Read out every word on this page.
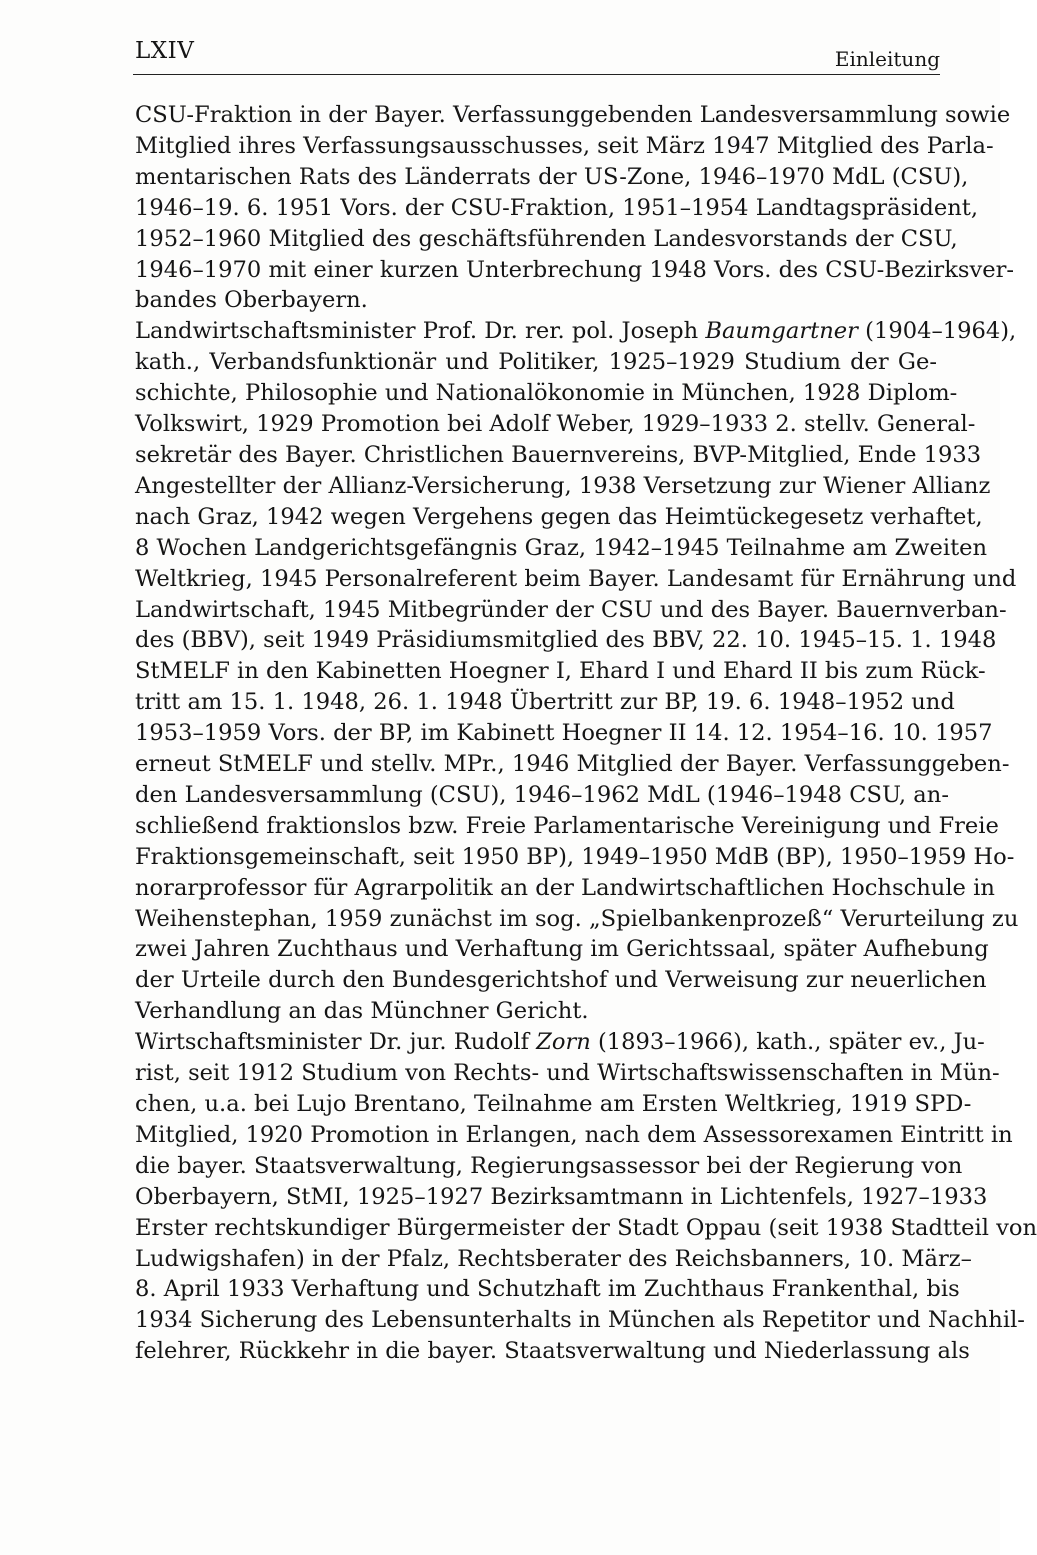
LXIV	Einleitung
CSU-Fraktion in der Bayer. Verfassunggebenden Landesversammlung sowie
Mitglied ihres Verfassungsausschusses, seit März 1947 Mitglied des Parla-
mentarischen Rats des Länderrats der US-Zone, 1946–1970 MdL (CSU),
1946–19. 6. 1951 Vors. der CSU-Fraktion, 1951–1954 Landtagspräsident,
1952–1960 Mitglied des geschäftsführenden Landesvorstands der CSU,
1946–1970 mit einer kurzen Unterbrechung 1948 Vors. des CSU-Bezirksver-
bandes Oberbayern.
Landwirtschaftsminister Prof. Dr. rer. pol. Joseph Baumgartner (1904–1964),
kath., Verbandsfunktionär und Politiker, 1925–1929 Studium der Ge-
schichte, Philosophie und Nationalökonomie in München, 1928 Diplom-
Volkswirt, 1929 Promotion bei Adolf Weber, 1929–1933 2. stellv. General-
sekretär des Bayer. Christlichen Bauernvereins, BVP-Mitglied, Ende 1933
Angestellter der Allianz-Versicherung, 1938 Versetzung zur Wiener Allianz
nach Graz, 1942 wegen Vergehens gegen das Heimtückegesetz verhaftet,
8 Wochen Landgerichtsgefängnis Graz, 1942–1945 Teilnahme am Zweiten
Weltkrieg, 1945 Personalreferent beim Bayer. Landesamt für Ernährung und
Landwirtschaft, 1945 Mitbegründer der CSU und des Bayer. Bauernverban-
des (BBV), seit 1949 Präsidiumsmitglied des BBV, 22. 10. 1945–15. 1. 1948
StMELF in den Kabinetten Hoegner I, Ehard I und Ehard II bis zum Rück-
tritt am 15. 1. 1948, 26. 1. 1948 Übertritt zur BP, 19. 6. 1948–1952 und
1953–1959 Vors. der BP, im Kabinett Hoegner II 14. 12. 1954–16. 10. 1957
erneut StMELF und stellv. MPr., 1946 Mitglied der Bayer. Verfassunggeben-
den Landesversammlung (CSU), 1946–1962 MdL (1946–1948 CSU, an-
schließend fraktionslos bzw. Freie Parlamentarische Vereinigung und Freie
Fraktionsgemeinschaft, seit 1950 BP), 1949–1950 MdB (BP), 1950–1959 Ho-
norarprofessor für Agrarpolitik an der Landwirtschaftlichen Hochschule in
Weihenstephan, 1959 zunächst im sog. „Spielbankenprozeß“ Verurteilung zu
zwei Jahren Zuchthaus und Verhaftung im Gerichtssaal, später Aufhebung
der Urteile durch den Bundesgerichtshof und Verweisung zur neuerlichen
Verhandlung an das Münchner Gericht.
Wirtschaftsminister Dr. jur. Rudolf Zorn (1893–1966), kath., später ev., Ju-
rist, seit 1912 Studium von Rechts- und Wirtschaftswissenschaften in Mün-
chen, u.a. bei Lujo Brentano, Teilnahme am Ersten Weltkrieg, 1919 SPD-
Mitglied, 1920 Promotion in Erlangen, nach dem Assessorexamen Eintritt in
die bayer. Staatsverwaltung, Regierungsassessor bei der Regierung von
Oberbayern, StMI, 1925–1927 Bezirksamtmann in Lichtenfels, 1927–1933
Erster rechtskundiger Bürgermeister der Stadt Oppau (seit 1938 Stadtteil von
Ludwigshafen) in der Pfalz, Rechtsberater des Reichsbanners, 10. März–
8. April 1933 Verhaftung und Schutzhaft im Zuchthaus Frankenthal, bis
1934 Sicherung des Lebensunterhalts in München als Repetitor und Nachhil-
felehrer, Rückkehr in die bayer. Staatsverwaltung und Niederlassung als
